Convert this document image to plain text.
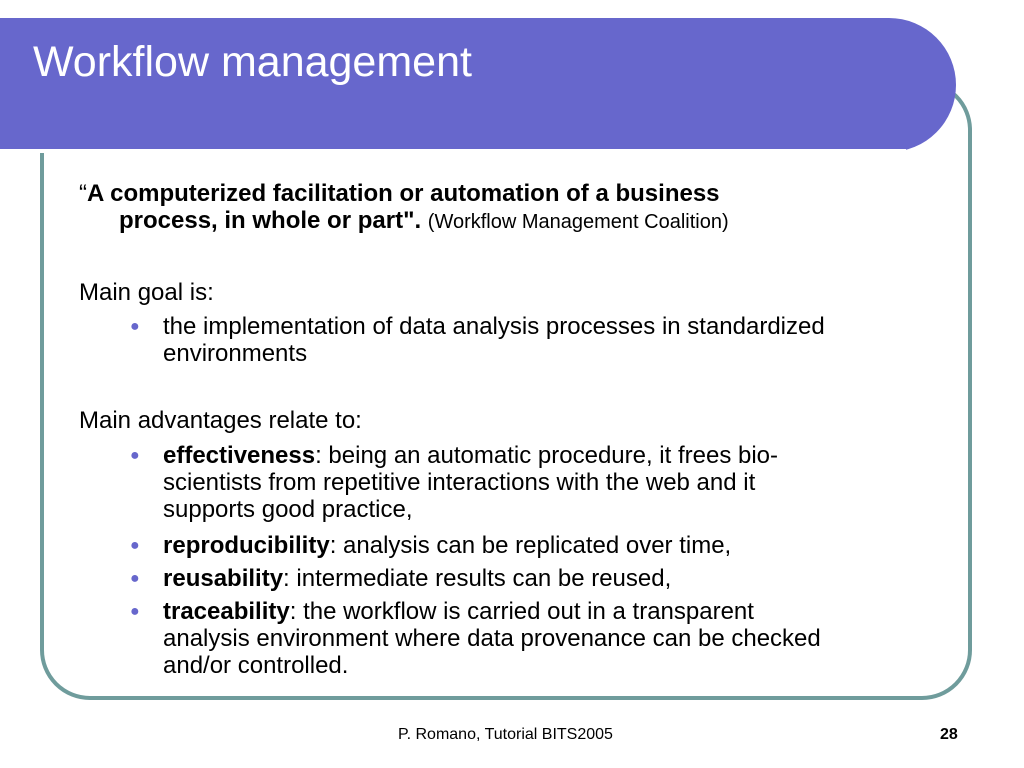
Workflow management
“A computerized facilitation or automation of a business
process, in whole or part". (Workflow Management Coalition)
Main goal is:
● the implementation of data analysis processes in standardized
environments
Main advantages relate to:
● effectiveness: being an automatic procedure, it frees bio-
scientists from repetitive interactions with the web and it
supports good practice,
● reproducibility: analysis can be replicated over time,
● reusability: intermediate results can be reused,
● traceability: the workflow is carried out in a transparent
analysis environment where data provenance can be checked
and/or controlled.
P. Romano, Tutorial BITS2005	28
